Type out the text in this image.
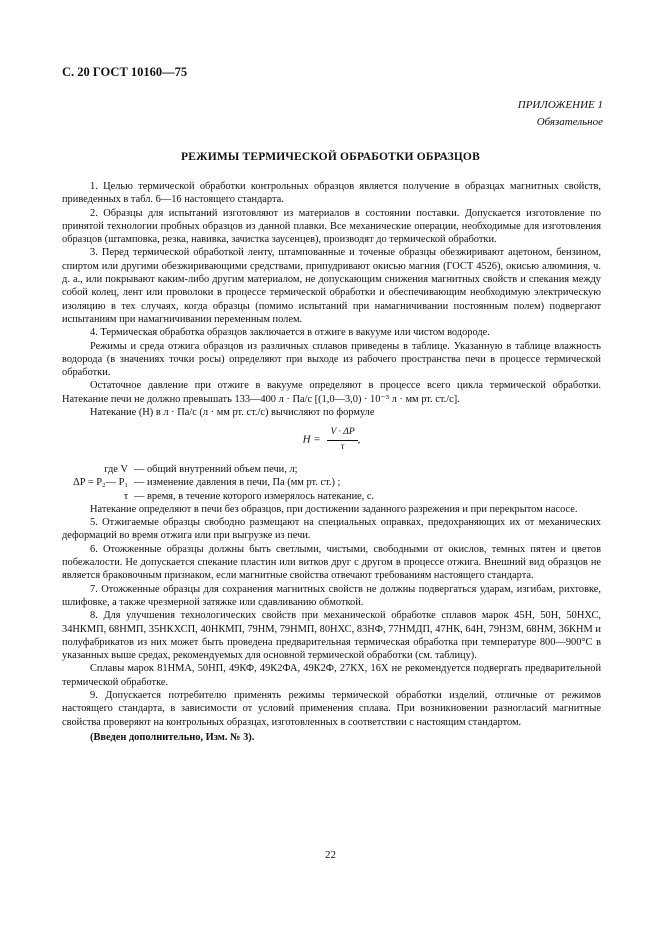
С. 20 ГОСТ 10160—75
ПРИЛОЖЕНИЕ 1
Обязательное
РЕЖИМЫ ТЕРМИЧЕСКОЙ ОБРАБОТКИ ОБРАЗЦОВ

1. Целью термической обработки контрольных образцов является получение в образцах магнитных свойств, приведенных в табл. 6—16 настоящего стандарта.

2. Образцы для испытаний изготовляют из материалов в состоянии поставки. Допускается изготовление по принятой технологии пробных образцов из данной плавки. Все механические операции, необходимые для изготовления образцов (штамповка, резка, навивка, зачистка заусенцев), производят до термической обработки.

3. Перед термической обработкой ленту, штампованные и точеные образцы обезжиривают ацетоном, бензином, спиртом или другими обезжиривающими средствами, припудривают окисью магния (ГОСТ 4526), окисью алюминия, ч. д. а., или покрывают каким-либо другим материалом, не допускающим снижения магнитных свойств и спекания между собой колец, лент или проволоки в процессе термической обработки и обеспечивающим необходимую электрическую изоляцию в тех случаях, когда образцы (помимо испытаний при намагничивании постоянным полем) подвергают испытаниям при намагничивании переменным полем.

4. Термическая обработка образцов заключается в отжиге в вакууме или чистом водороде.

Режимы и среда отжига образцов из различных сплавов приведены в таблице. Указанную в таблице влажность водорода (в значениях точки росы) определяют при выходе из рабочего пространства печи в процессе термической обработки.

Остаточное давление при отжиге в вакууме определяют в процессе всего цикла термической обработки. Натекание печи не должно превышать 133—400 л · Па/с [(1,0—3,0) · 10⁻³ л · мм рт. ст./с].

Натекание (Н) в л · Па/с (л · мм рт. ст./с) вычисляют по формуле

$H = \frac{V \cdot \Delta P}{\tau}$ ,
где V — общий внутренний объем печи, л;
ΔP = P₂— P₁ — изменение давления в печи, Па (мм рт. ст.) ;
τ — время, в течение которого измерялось натекание, с.

Натекание определяют в печи без образцов, при достижении заданного разрежения и при перекрытом насосе.

5. Отжигаемые образцы свободно размещают на специальных оправках, предохраняющих их от механических деформаций во время отжига или при выгрузке из печи.

6. Отожженные образцы должны быть светлыми, чистыми, свободными от окислов, темных пятен и цветов побежалости. Не допускается спекание пластин или витков друг с другом в процессе отжига. Внешний вид образцов не является браковочным признаком, если магнитные свойства отвечают требованиям настоящего стандарта.

7. Отожженные образцы для сохранения магнитных свойств не должны подвергаться ударам, изгибам, рихтовке, шлифовке, а также чрезмерной затяжке или сдавливанию обмоткой.

8. Для улучшения технологических свойств при механической обработке сплавов марок 45Н, 50Н, 50НХС, 34НКМП, 68НМП, 35НКХСП, 40НКМП, 79НМ, 79НМП, 80НХС, 83НФ, 77НМДП, 47НК, 64Н, 79Н3М, 68НМ, 36КНМ и полуфабрикатов из них может быть проведена предварительная термическая обработка при температуре 800—900°С в указанных выше средах, рекомендуемых для основной термической обработки (см. таблицу).

Сплавы марок 81НМА, 50НП, 49КФ, 49К2ФА, 49К2Ф, 27КХ, 16Х не рекомендуется подвергать предварительной термической обработке.

9. Допускается потребителю применять режимы термической обработки изделий, отличные от режимов настоящего стандарта, в зависимости от условий применения сплава. При возникновении разногласий магнитные свойства проверяют на контрольных образцах, изготовленных в соответствии с настоящим стандартом.

(Введен дополнительно, Изм. № 3).

22
